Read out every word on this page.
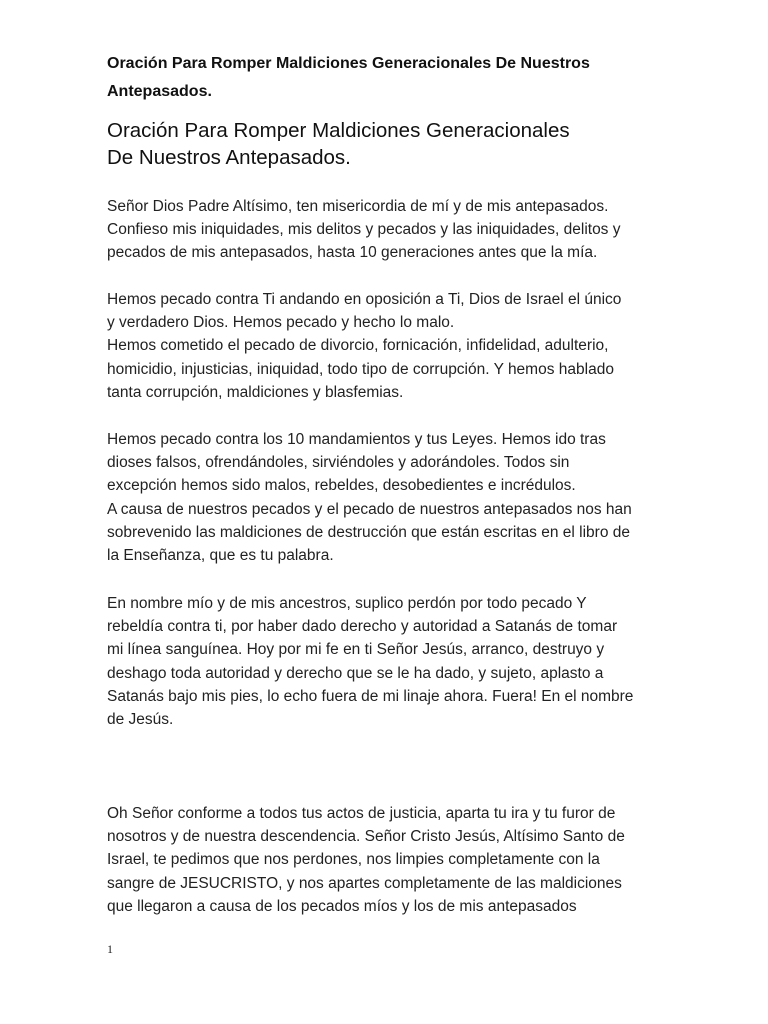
Oración Para Romper Maldiciones Generacionales De Nuestros
Antepasados.
Oración Para Romper Maldiciones Generacionales
De Nuestros Antepasados.

Señor Dios Padre Altísimo, ten misericordia de mí y de mis antepasados.
Confieso mis iniquidades, mis delitos y pecados y las iniquidades, delitos y
pecados de mis antepasados, hasta 10 generaciones antes que la mía.

Hemos pecado contra Ti andando en oposición a Ti, Dios de Israel el único
y verdadero Dios. Hemos pecado y hecho lo malo.
Hemos cometido el pecado de divorcio, fornicación, infidelidad, adulterio,
homicidio, injusticias, iniquidad, todo tipo de corrupción. Y hemos hablado
tanta corrupción, maldiciones y blasfemias.

Hemos pecado contra los 10 mandamientos y tus Leyes. Hemos ido tras
dioses falsos, ofrendándoles, sirviéndoles y adorándoles. Todos sin
excepción hemos sido malos, rebeldes, desobedientes e incrédulos.
A causa de nuestros pecados y el pecado de nuestros antepasados nos han
sobrevenido las maldiciones de destrucción que están escritas en el libro de
la Enseñanza, que es tu palabra.

En nombre mío y de mis ancestros, suplico perdón por todo pecado Y
rebeldía contra ti, por haber dado derecho y autoridad a Satanás de tomar
mi línea sanguínea. Hoy por mi fe en ti Señor Jesús, arranco, destruyo y
deshago toda autoridad y derecho que se le ha dado, y sujeto, aplasto a
Satanás bajo mis pies, lo echo fuera de mi linaje ahora. Fuera! En el nombre
de Jesús.

Oh Señor conforme a todos tus actos de justicia, aparta tu ira y tu furor de
nosotros y de nuestra descendencia. Señor Cristo Jesús, Altísimo Santo de
Israel, te pedimos que nos perdones, nos limpies completamente con la
sangre de JESUCRISTO, y nos apartes completamente de las maldiciones
que llegaron a causa de los pecados míos y los de mis antepasados

1
